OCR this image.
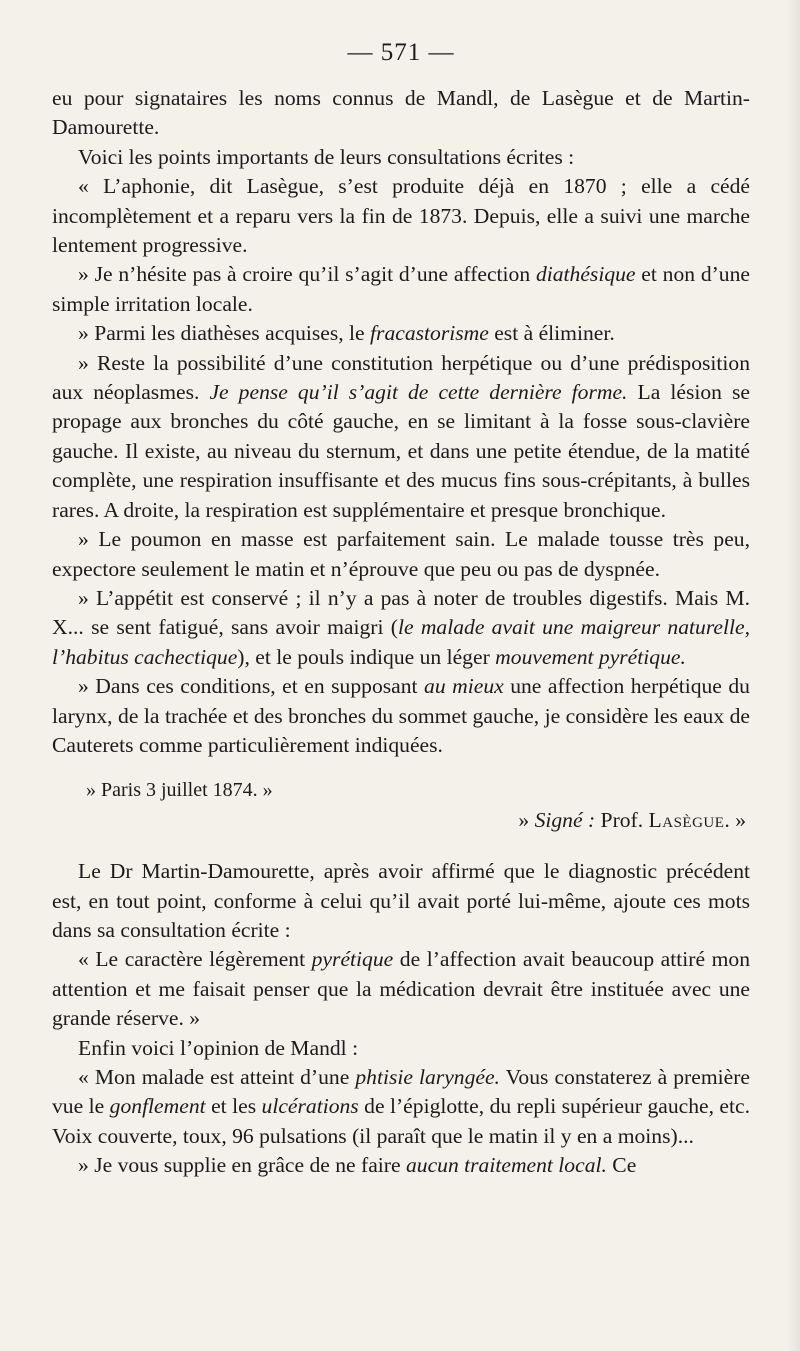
— 571 —

eu pour signataires les noms connus de Mandl, de Lasègue et de Martin-Damourette.

Voici les points importants de leurs consultations écrites :

« L’aphonie, dit Lasègue, s’est produite déjà en 1870 ; elle a cédé incomplètement et a reparu vers la fin de 1873. Depuis, elle a suivi une marche lentement progressive.

» Je n’hésite pas à croire qu’il s’agit d’une affection diathésique et non d’une simple irritation locale.

» Parmi les diathèses acquises, le fracastorisme est à éliminer.

» Reste la possibilité d’une constitution herpétique ou d’une prédisposition aux néoplasmes. Je pense qu’il s’agit de cette dernière forme. La lésion se propage aux bronches du côté gauche, en se limitant à la fosse sous-clavière gauche. Il existe, au niveau du sternum, et dans une petite étendue, de la matité complète, une respiration insuffisante et des mucus fins sous-crépitants, à bulles rares. A droite, la respiration est supplémentaire et presque bronchique.

» Le poumon en masse est parfaitement sain. Le malade tousse très peu, expectore seulement le matin et n’éprouve que peu ou pas de dyspnée.

» L’appétit est conservé ; il n’y a pas à noter de troubles digestifs. Mais M. X... se sent fatigué, sans avoir maigri (le malade avait une maigreur naturelle, l’habitus cachectique), et le pouls indique un léger mouvement pyrétique.

» Dans ces conditions, et en supposant au mieux une affection herpétique du larynx, de la trachée et des bronches du sommet gauche, je considère les eaux de Cauterets comme particulièrement indiquées.

» Paris 3 juillet 1874. »

» Signé : Prof. Lasègue. »

Le Dr Martin-Damourette, après avoir affirmé que le diagnostic précédent est, en tout point, conforme à celui qu’il avait porté lui-même, ajoute ces mots dans sa consultation écrite :

« Le caractère légèrement pyrétique de l’affection avait beaucoup attiré mon attention et me faisait penser que la médication devrait être instituée avec une grande réserve. »

Enfin voici l’opinion de Mandl :

« Mon malade est atteint d’une phtisie laryngée. Vous constaterez à première vue le gonflement et les ulcérations de l’épiglotte, du repli supérieur gauche, etc. Voix couverte, toux, 96 pulsations (il paraît que le matin il y en a moins)...

» Je vous supplie en grâce de ne faire aucun traitement local. Ce
